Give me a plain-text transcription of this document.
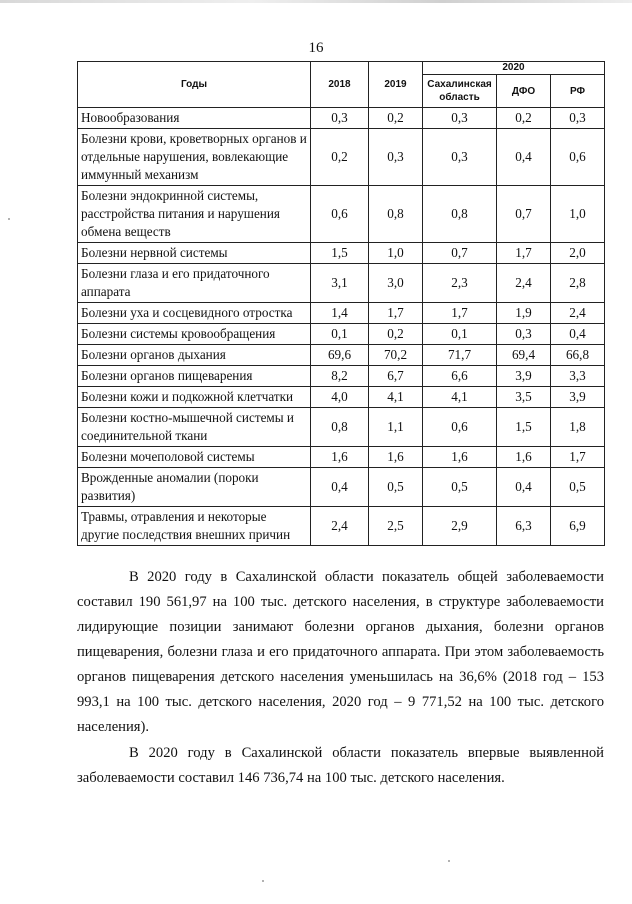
16
Годы	2018	2019	2020		
			Сахалинская область	ДФО	РФ
Новообразования	0,3	0,2	0,3	0,2	0,3
Болезни крови, кроветворных органов и отдельные нарушения, вовлекающие иммунный механизм	0,2	0,3	0,3	0,4	0,6
Болезни эндокринной системы, расстройства питания и нарушения обмена веществ	0,6	0,8	0,8	0,7	1,0
Болезни нервной системы	1,5	1,0	0,7	1,7	2,0
Болезни глаза и его придаточного аппарата	3,1	3,0	2,3	2,4	2,8
Болезни уха и сосцевидного отростка	1,4	1,7	1,7	1,9	2,4
Болезни системы кровообращения	0,1	0,2	0,1	0,3	0,4
Болезни органов дыхания	69,6	70,2	71,7	69,4	66,8
Болезни органов пищеварения	8,2	6,7	6,6	3,9	3,3
Болезни кожи и подкожной клетчатки	4,0	4,1	4,1	3,5	3,9
Болезни костно-мышечной системы и соединительной ткани	0,8	1,1	0,6	1,5	1,8
Болезни мочеполовой системы	1,6	1,6	1,6	1,6	1,7
Врожденные аномалии (пороки развития)	0,4	0,5	0,5	0,4	0,5
Травмы, отравления и некоторые другие последствия внешних причин	2,4	2,5	2,9	6,3	6,9

В 2020 году в Сахалинской области показатель общей заболеваемости составил 190 561,97 на 100 тыс. детского населения, в структуре заболеваемости лидирующие позиции занимают болезни органов дыхания, болезни органов пищеварения, болезни глаза и его придаточного аппарата. При этом заболеваемость органов пищеварения детского населения уменьшилась на 36,6% (2018 год – 153 993,1 на 100 тыс. детского населения, 2020 год – 9 771,52 на 100 тыс. детского населения).

В 2020 году в Сахалинской области показатель впервые выявленной заболеваемости составил 146 736,74 на 100 тыс. детского населения.
